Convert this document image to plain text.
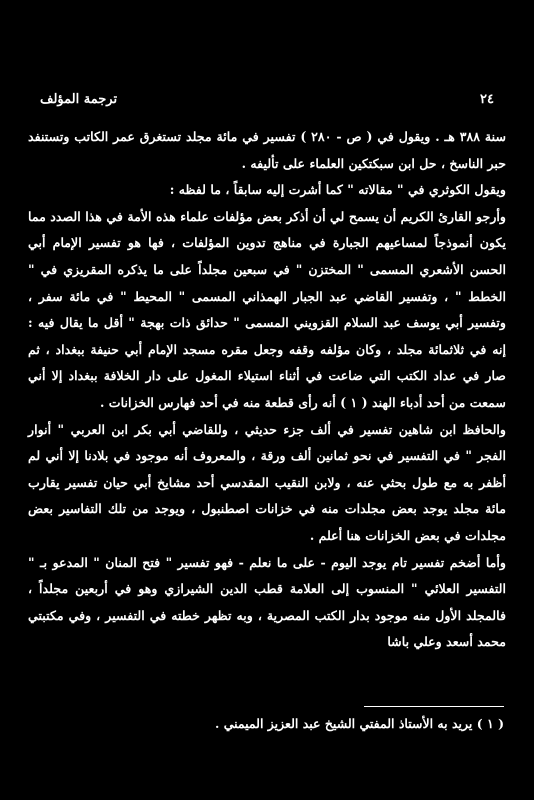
٢٤
ترجمة المؤلف

سنة ٣٨٨ هـ . ويقول في ( ص - ٢٨٠ ) تفسير في مائة مجلد تستغرق عمر الكاتب وتستنفد حبر الناسخ ، حل ابن سبكتكين العلماء على تأليفه .

ويقول الكوثري في " مقالاته " كما أشرت إليه سابقاً ، ما لفظه :

وأرجو القارئ الكريم أن يسمح لي أن أذكر بعض مؤلفات علماء هذه الأمة في هذا الصدد مما يكون أنموذجاً لمساعيهم الجبارة في مناهج تدوين المؤلفات ، فها هو تفسير الإمام أبي الحسن الأشعري المسمى " المختزن " في سبعين مجلداً على ما يذكره المقريزي في " الخطط " ، وتفسير القاضي عبد الجبار الهمذاني المسمى " المحيط " في مائة سفر ، وتفسير أبي يوسف عبد السلام القزويني المسمى " حدائق ذات بهجة " أقل ما يقال فيه : إنه في ثلاثمائة مجلد ، وكان مؤلفه وقفه وجعل مقره مسجد الإمام أبي حنيفة ببغداد ، ثم صار في عداد الكتب التي ضاعت في أثناء استيلاء المغول على دار الخلافة ببغداد إلا أني سمعت من أحد أدباء الهند ( ١ ) أنه رأى قطعة منه في أحد فهارس الخزانات .

والحافظ ابن شاهين تفسير في ألف جزء حديثي ، وللقاضي أبي بكر ابن العربي " أنوار الفجر " في التفسير في نحو ثمانين ألف ورقة ، والمعروف أنه موجود في بلادنا إلا أني لم أظفر به مع طول بحثي عنه ، ولابن النقيب المقدسي أحد مشايخ أبي حيان تفسير يقارب مائة مجلد يوجد بعض مجلدات منه في خزانات اصطنبول ، ويوجد من تلك التفاسير بعض مجلدات في بعض الخزانات هنا أعلم .

وأما أضخم تفسير تام يوجد اليوم - على ما نعلم - فهو تفسير " فتح المنان " المدعو بـ " التفسير العلائي " المنسوب إلى العلامة قطب الدين الشيرازي وهو في أربعين مجلداً ، فالمجلد الأول منه موجود بدار الكتب المصرية ، وبه تظهر خطته في التفسير ، وفي مكتبتي محمد أسعد وعلي باشا

( ١ ) يريد به الأستاذ المفتي الشيخ عبد العزيز الميمني .
